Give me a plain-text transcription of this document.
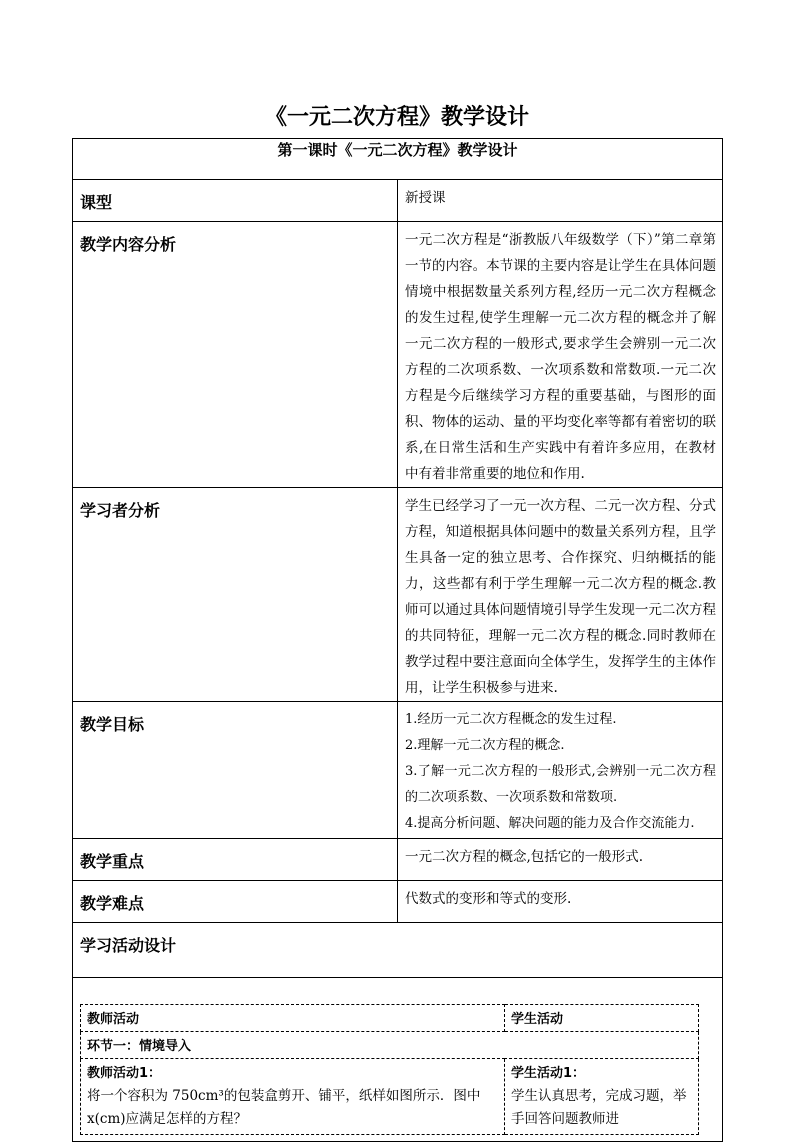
《一元二次方程》教学设计
第一课时《一元二次方程》教学设计
课型	新授课
教学内容分析	一元二次方程是“浙教版八年级数学（下）”第二章第一节的内容。本节课的主要内容是让学生在具体问题情境中根据数量关系列方程,经历一元二次方程概念的发生过程,使学生理解一元二次方程的概念并了解一元二次方程的一般形式,要求学生会辨别一元二次方程的二次项系数、一次项系数和常数项.一元二次方程是今后继续学习方程的重要基础，与图形的面积、物体的运动、量的平均变化率等都有着密切的联系,在日常生活和生产实践中有着许多应用，在教材中有着非常重要的地位和作用.
学习者分析	学生已经学习了一元一次方程、二元一次方程、分式方程，知道根据具体问题中的数量关系列方程，且学生具备一定的独立思考、合作探究、归纳概括的能力，这些都有利于学生理解一元二次方程的概念.教师可以通过具体问题情境引导学生发现一元二次方程的共同特征，理解一元二次方程的概念.同时教师在教学过程中要注意面向全体学生，发挥学生的主体作用，让学生积极参与进来.
教学目标	1.经历一元二次方程概念的发生过程.
2.理解一元二次方程的概念.
3.了解一元二次方程的一般形式,会辨别一元二次方程的二次项系数、一次项系数和常数项.
4.提高分析问题、解决问题的能力及合作交流能力.

教学重点	一元二次方程的概念,包括它的一般形式.
教学难点	代数式的变形和等式的变形.
学习活动设计

教师活动	学生活动
环节一：情境导入

教师活动1：
将一个容积为 750cm³的包装盒剪开、铺平，纸样如图所示．图中 x(cm)应满足怎样的方程？

学生活动1：
学生认真思考，完成习题，举手回答问题教师进
